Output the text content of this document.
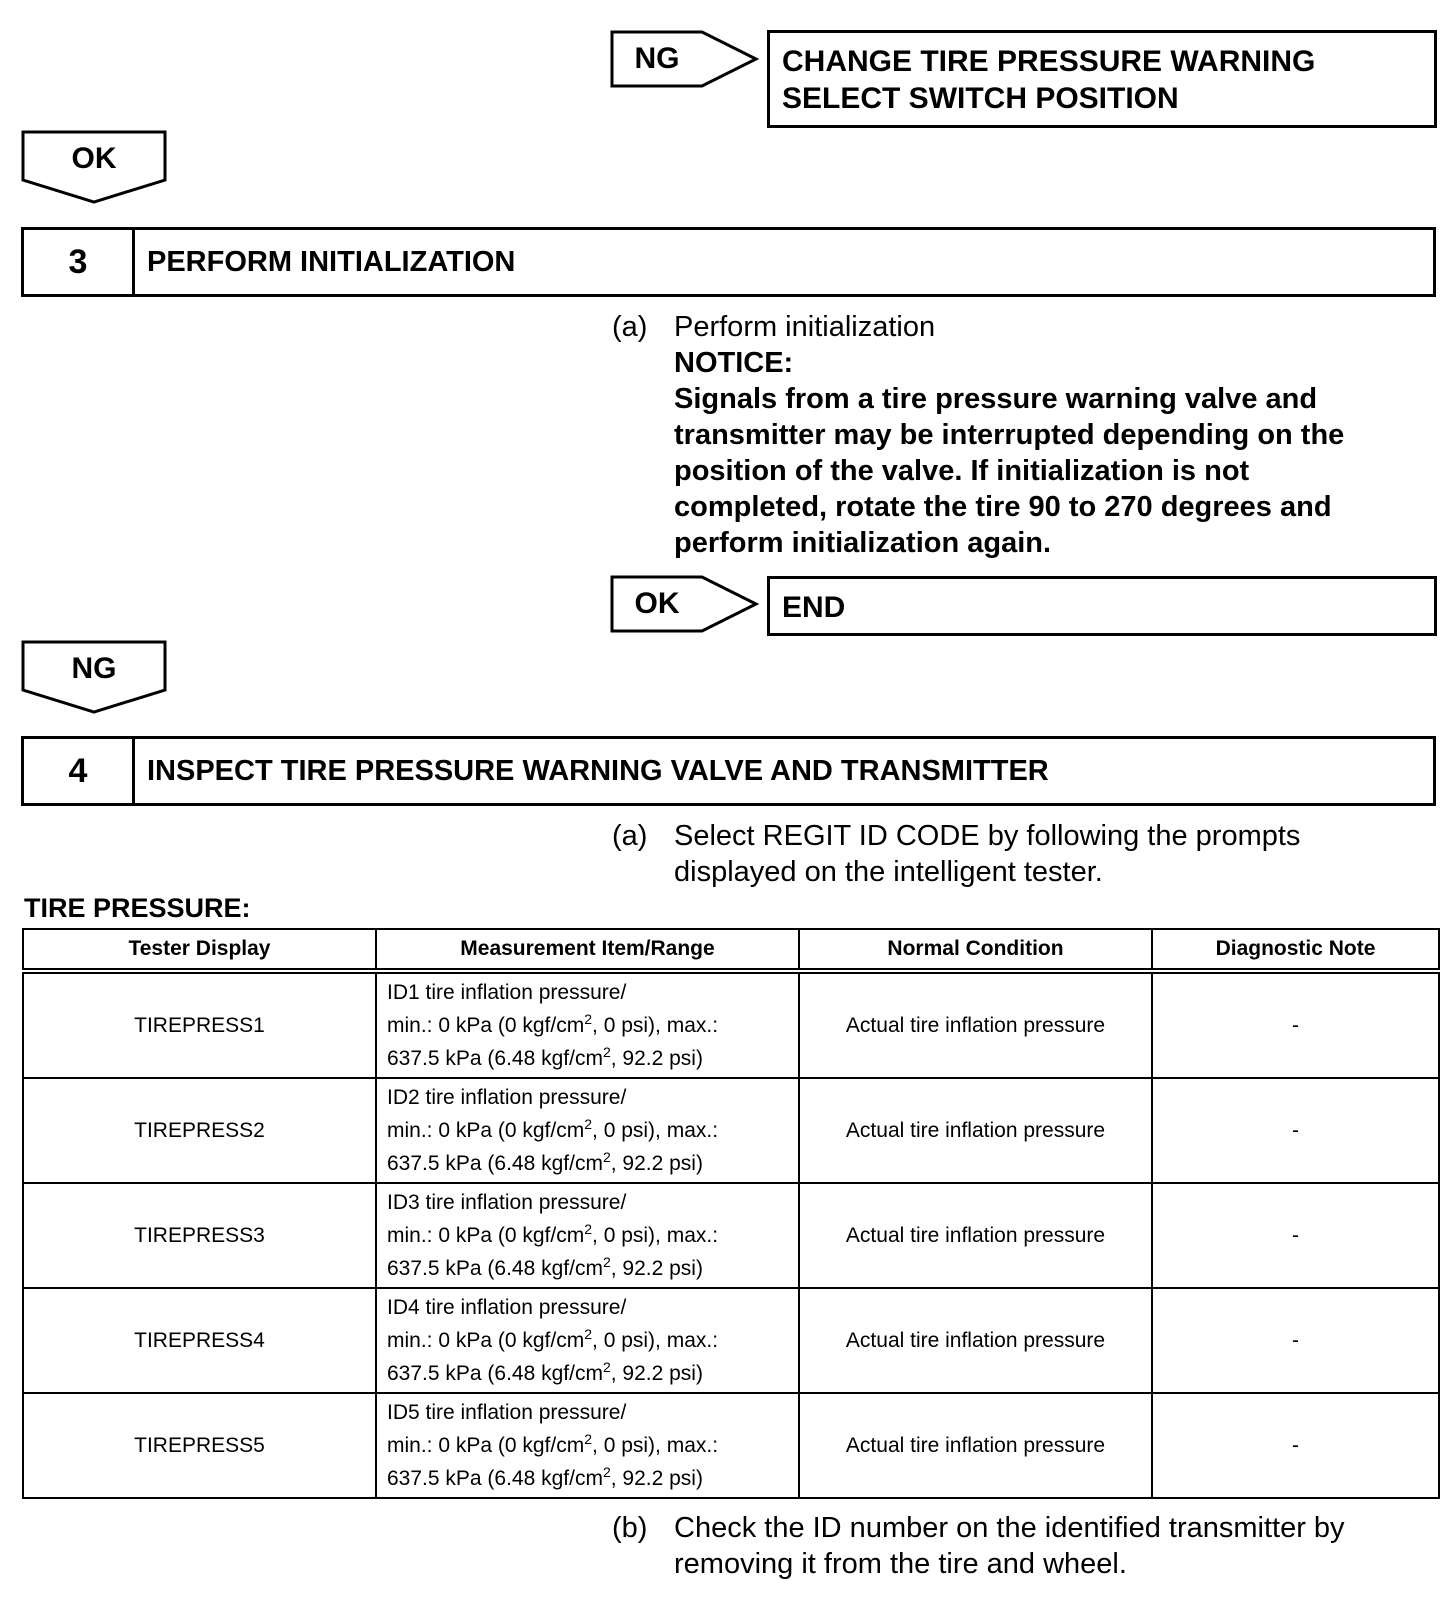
NG	CHANGE TIRE PRESSURE WARNING SELECT SWITCH POSITION
OK
3	PERFORM INITIALIZATION
(a) Perform initialization
NOTICE:
Signals from a tire pressure warning valve and transmitter may be interrupted depending on the position of the valve. If initialization is not completed, rotate the tire 90 to 270 degrees and perform initialization again.
OK	END
NG
4	INSPECT TIRE PRESSURE WARNING VALVE AND TRANSMITTER
(a) Select REGIT ID CODE by following the prompts displayed on the intelligent tester.
TIRE PRESSURE:
Tester Display	Measurement Item/Range	Normal Condition	Diagnostic Note
TIREPRESS1	ID1 tire inflation pressure/
min.: 0 kPa (0 kgf/$cm^2$, 0 psi), max.:
637.5 kPa (6.48 kgf/$cm^2$, 92.2 psi)	Actual tire inflation pressure	-
TIREPRESS2	ID2 tire inflation pressure/
min.: 0 kPa (0 kgf/$cm^2$, 0 psi), max.:
637.5 kPa (6.48 kgf/$cm^2$, 92.2 psi)	Actual tire inflation pressure	-
TIREPRESS3	ID3 tire inflation pressure/
min.: 0 kPa (0 kgf/$cm^2$, 0 psi), max.:
637.5 kPa (6.48 kgf/$cm^2$, 92.2 psi)	Actual tire inflation pressure	-
TIREPRESS4	ID4 tire inflation pressure/
min.: 0 kPa (0 kgf/$cm^2$, 0 psi), max.:
637.5 kPa (6.48 kgf/$cm^2$, 92.2 psi)	Actual tire inflation pressure	-
TIREPRESS5	ID5 tire inflation pressure/
min.: 0 kPa (0 kgf/$cm^2$, 0 psi), max.:
637.5 kPa (6.48 kgf/$cm^2$, 92.2 psi)	Actual tire inflation pressure	-
(b) Check the ID number on the identified transmitter by removing it from the tire and wheel.
